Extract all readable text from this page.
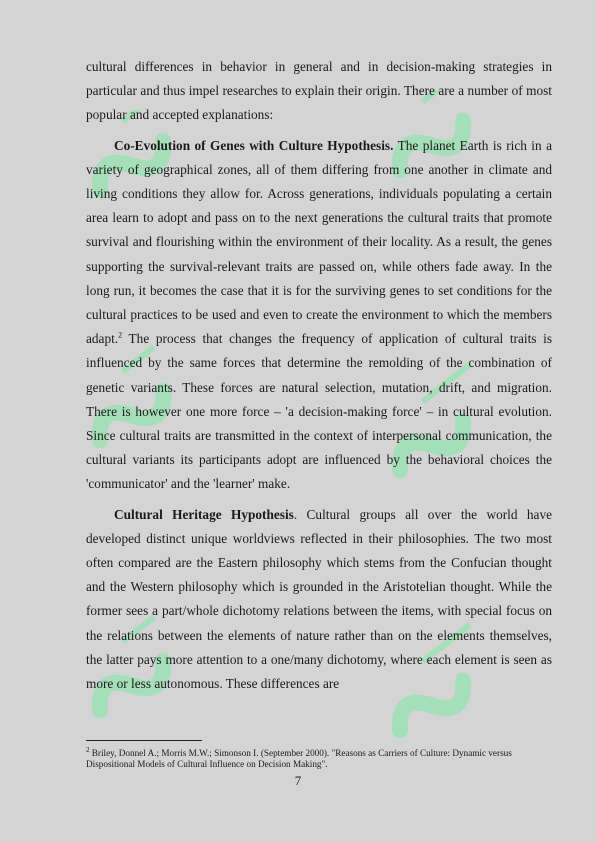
cultural differences in behavior in general and in decision-making strategies in particular and thus impel researches to explain their origin. There are a number of most popular and accepted explanations:

Co-Evolution of Genes with Culture Hypothesis. The planet Earth is rich in a variety of geographical zones, all of them differing from one another in climate and living conditions they allow for. Across generations, individuals populating a certain area learn to adopt and pass on to the next generations the cultural traits that promote survival and flourishing within the environment of their locality. As a result, the genes supporting the survival-relevant traits are passed on, while others fade away. In the long run, it becomes the case that it is for the surviving genes to set conditions for the cultural practices to be used and even to create the environment to which the members adapt.$^2$ The process that changes the frequency of application of cultural traits is influenced by the same forces that determine the remolding of the combination of genetic variants. These forces are natural selection, mutation, drift, and migration. There is however one more force – 'a decision-making force' – in cultural evolution. Since cultural traits are transmitted in the context of interpersonal communication, the cultural variants its participants adopt are influenced by the behavioral choices the 'communicator' and the 'learner' make.

Cultural Heritage Hypothesis. Cultural groups all over the world have developed distinct unique worldviews reflected in their philosophies. The two most often compared are the Eastern philosophy which stems from the Confucian thought and the Western philosophy which is grounded in the Aristotelian thought. While the former sees a part/whole dichotomy relations between the items, with special focus on the relations between the elements of nature rather than on the elements themselves, the latter pays more attention to a one/many dichotomy, where each element is seen as more or less autonomous. These differences are

$^2$ Briley, Donnel A.; Morris M.W.; Simonson I. (September 2000). "Reasons as Carriers of Culture: Dynamic versus Dispositional Models of Cultural Influence on Decision Making".
7
